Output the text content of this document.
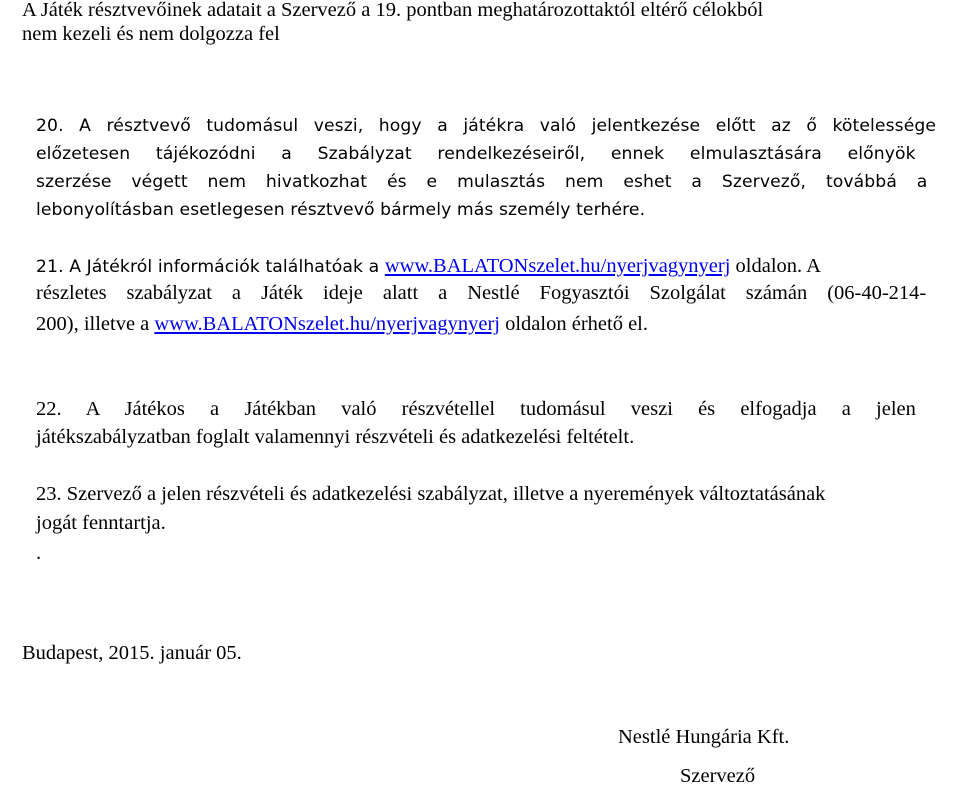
A Játék résztvevőinek adatait a Szervező a 19. pontban meghatározottaktól eltérő célokból
nem kezeli és nem dolgozza fel
20. A résztvevő tudomásul veszi, hogy a játékra való jelentkezése előtt az ő kötelessége
előzetesen tájékozódni a Szabályzat rendelkezéseiről, ennek elmulasztására előnyök
szerzése végett nem hivatkozhat és e mulasztás nem eshet a Szervező, továbbá a
lebonyolításban esetlegesen résztvevő bármely más személy terhére.
21. A Játékról információk találhatóak a www.BALATONszelet.hu/nyerjvagynyerj oldalon. A
részletes szabályzat a Játék ideje alatt a Nestlé Fogyasztói Szolgálat számán (06-40-214-
200), illetve a www.BALATONszelet.hu/nyerjvagynyerj oldalon érhető el.
22. A Játékos a Játékban való részvétellel tudomásul veszi és elfogadja a jelen
játékszabályzatban foglalt valamennyi részvételi és adatkezelési feltételt.
23. Szervező a jelen részvételi és adatkezelési szabályzat, illetve a nyeremények változtatásának
jogát fenntartja.
.
Budapest, 2015. január 05.
Nestlé Hungária Kft.
Szervező
